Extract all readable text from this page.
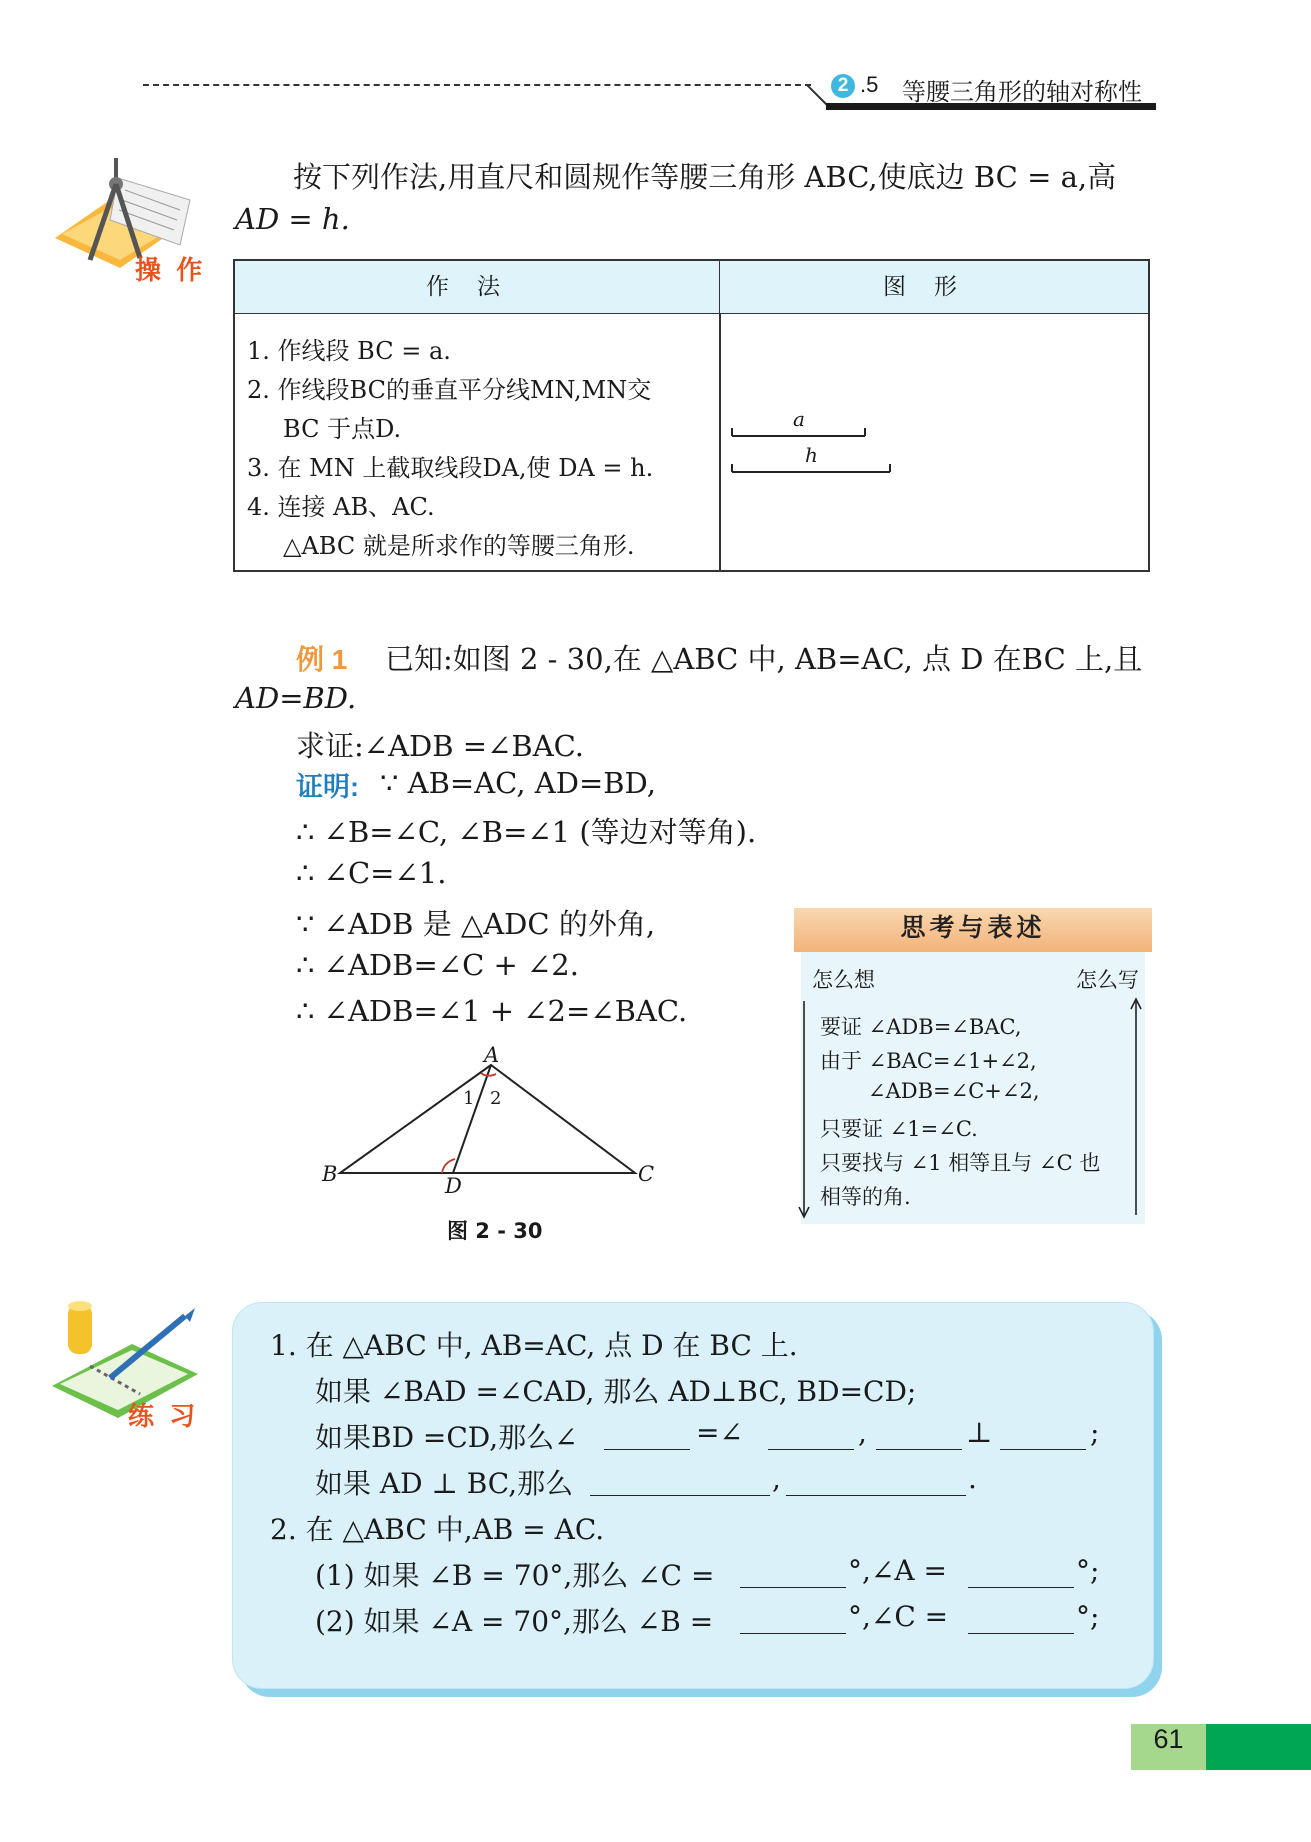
2 .5 等腰三角形的轴对称性
操 作
按下列作法,用直尺和圆规作等腰三角形 ABC,使底边 BC = a,高
AD = h.
作法	图形
1. 作线段 BC = a.
2. 作线段BC的垂直平分线MN,MN交
BC 于点D.
3. 在 MN 上截取线段DA,使 DA = h.
4. 连接 AB、AC.
△ABC 就是所求作的等腰三角形.
a
h
例 1 已知:如图 2 - 30,在 △ABC 中, AB=AC, 点 D 在BC 上,且
AD=BD.
求证:∠ADB =∠BAC.
证明: ∵ AB=AC, AD=BD,
∴ ∠B=∠C, ∠B=∠1 (等边对等角).
∴ ∠C=∠1.
∵ ∠ADB 是 △ADC 的外角,
∴ ∠ADB=∠C + ∠2.
∴ ∠ADB=∠1 + ∠2=∠BAC.
A
B	C
D
1 2
图 2 - 30
思考与表述
怎么想	怎么写
要证 ∠ADB=∠BAC,
由于 ∠BAC=∠1+∠2,
∠ADB=∠C+∠2,
只要证 ∠1=∠C.
只要找与 ∠1 相等且与 ∠C 也
相等的角.
练 习
1. 在 △ABC 中, AB=AC, 点 D 在 BC 上.
如果 ∠BAD =∠CAD, 那么 AD⊥BC, BD=CD;
如果BD =CD,那么∠	=∠	,	⊥	;
如果 AD ⊥ BC,那么	,	.
2. 在 △ABC 中,AB = AC.
(1) 如果 ∠B = 70°,那么 ∠C =	°,∠A =	°;
(2) 如果 ∠A = 70°,那么 ∠B =	°,∠C =	°;
61
